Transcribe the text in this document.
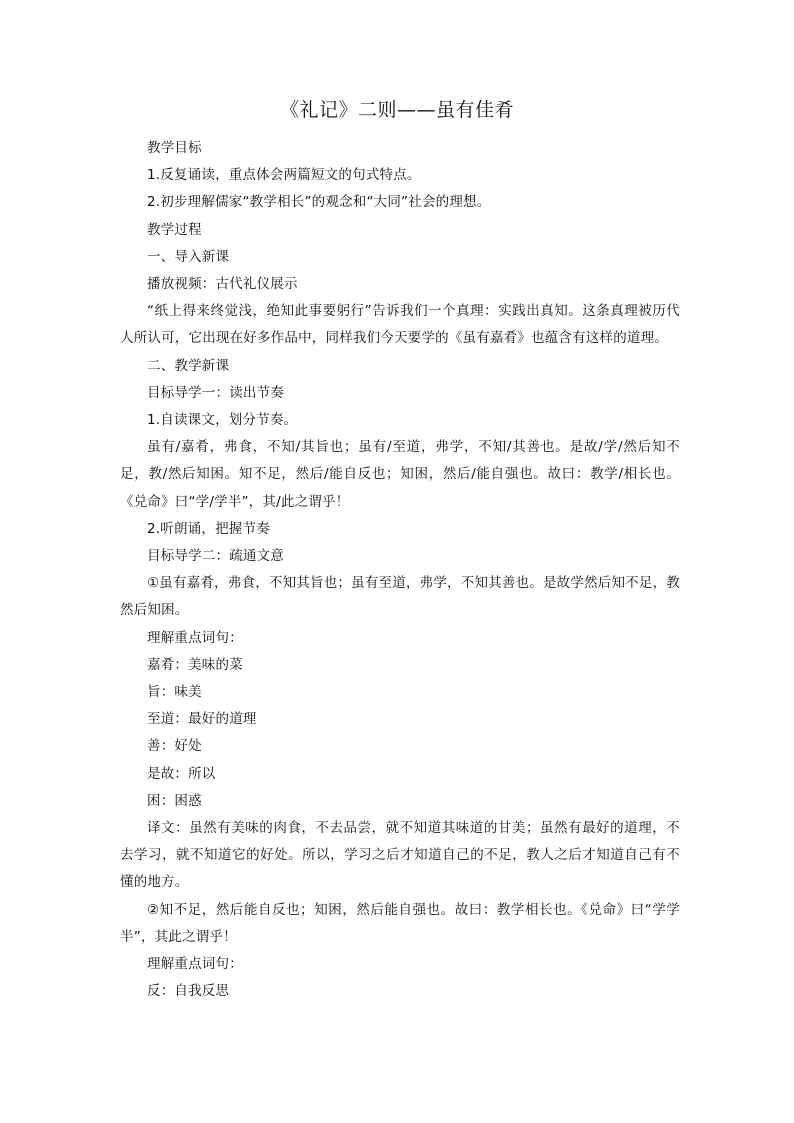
《礼记》二则——虽有佳肴

教学目标

1.反复诵读，重点体会两篇短文的句式特点。

2.初步理解儒家“教学相长”的观念和“大同”社会的理想。

教学过程

一、导入新课

播放视频：古代礼仪展示

“纸上得来终觉浅，绝知此事要躬行”告诉我们一个真理：实践出真知。这条真理被历代人所认可，它出现在好多作品中，同样我们今天要学的《虽有嘉肴》也蕴含有这样的道理。

二、教学新课

目标导学一：读出节奏

1.自读课文，划分节奏。

虽有/嘉肴，弗食，不知/其旨也；虽有/至道，弗学，不知/其善也。是故/学/然后知不足，教/然后知困。知不足，然后/能自反也；知困，然后/能自强也。故曰：教学/相长也。《兑命》曰“学/学半”，其/此之谓乎！

2.听朗诵，把握节奏

目标导学二：疏通文意

①虽有嘉肴，弗食，不知其旨也；虽有至道，弗学，不知其善也。是故学然后知不足，教然后知困。

理解重点词句：

嘉肴：美味的菜

旨：味美

至道：最好的道理

善：好处

是故：所以

困：困惑

译文：虽然有美味的肉食，不去品尝，就不知道其味道的甘美；虽然有最好的道理，不去学习，就不知道它的好处。所以，学习之后才知道自己的不足，教人之后才知道自己有不懂的地方。

②知不足，然后能自反也；知困，然后能自强也。故曰：教学相长也。《兑命》曰“学学半”，其此之谓乎！

理解重点词句：

反：自我反思
